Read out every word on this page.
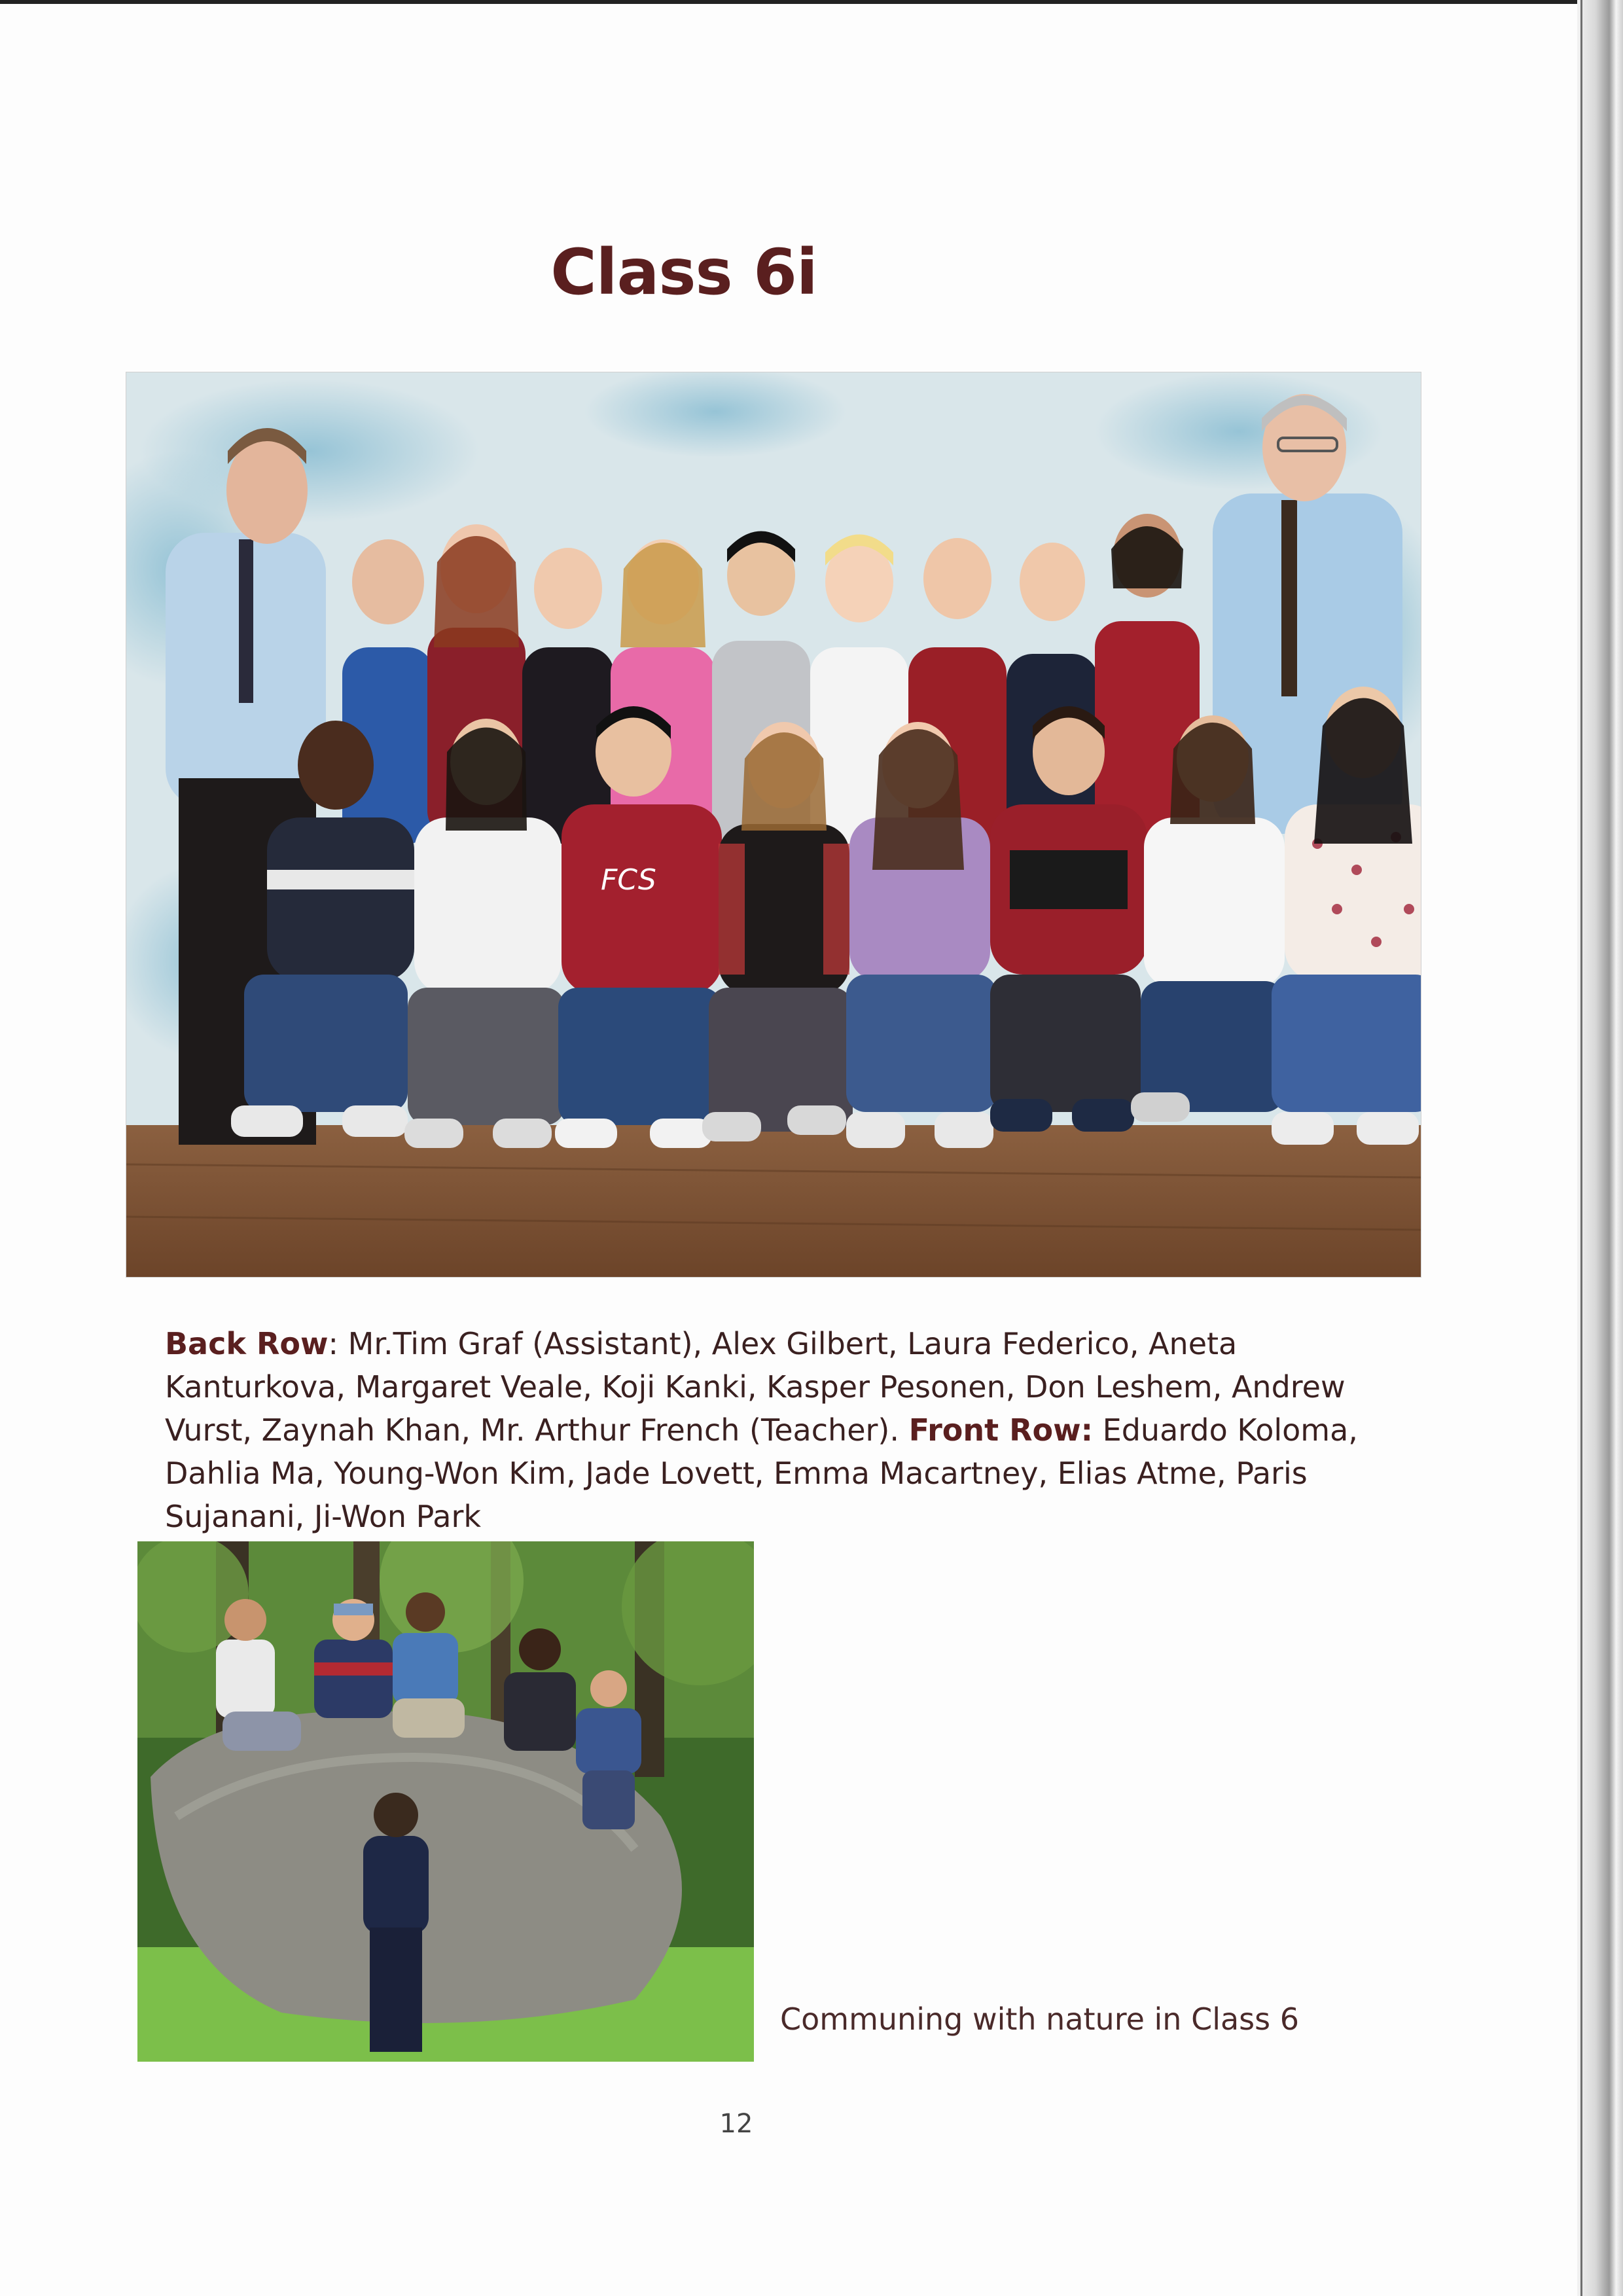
Class 6i
FCS
Back Row: Mr.Tim Graf (Assistant), Alex Gilbert, Laura Federico, Aneta Kanturkova, Margaret Veale, Koji Kanki, Kasper Pesonen, Don Leshem, Andrew Vurst, Zaynah Khan, Mr. Arthur French (Teacher). Front Row: Eduardo Koloma, Dahlia Ma, Young-Won Kim, Jade Lovett, Emma Macartney, Elias Atme, Paris Sujanani, Ji-Won Park
Communing with nature in Class 6
12
